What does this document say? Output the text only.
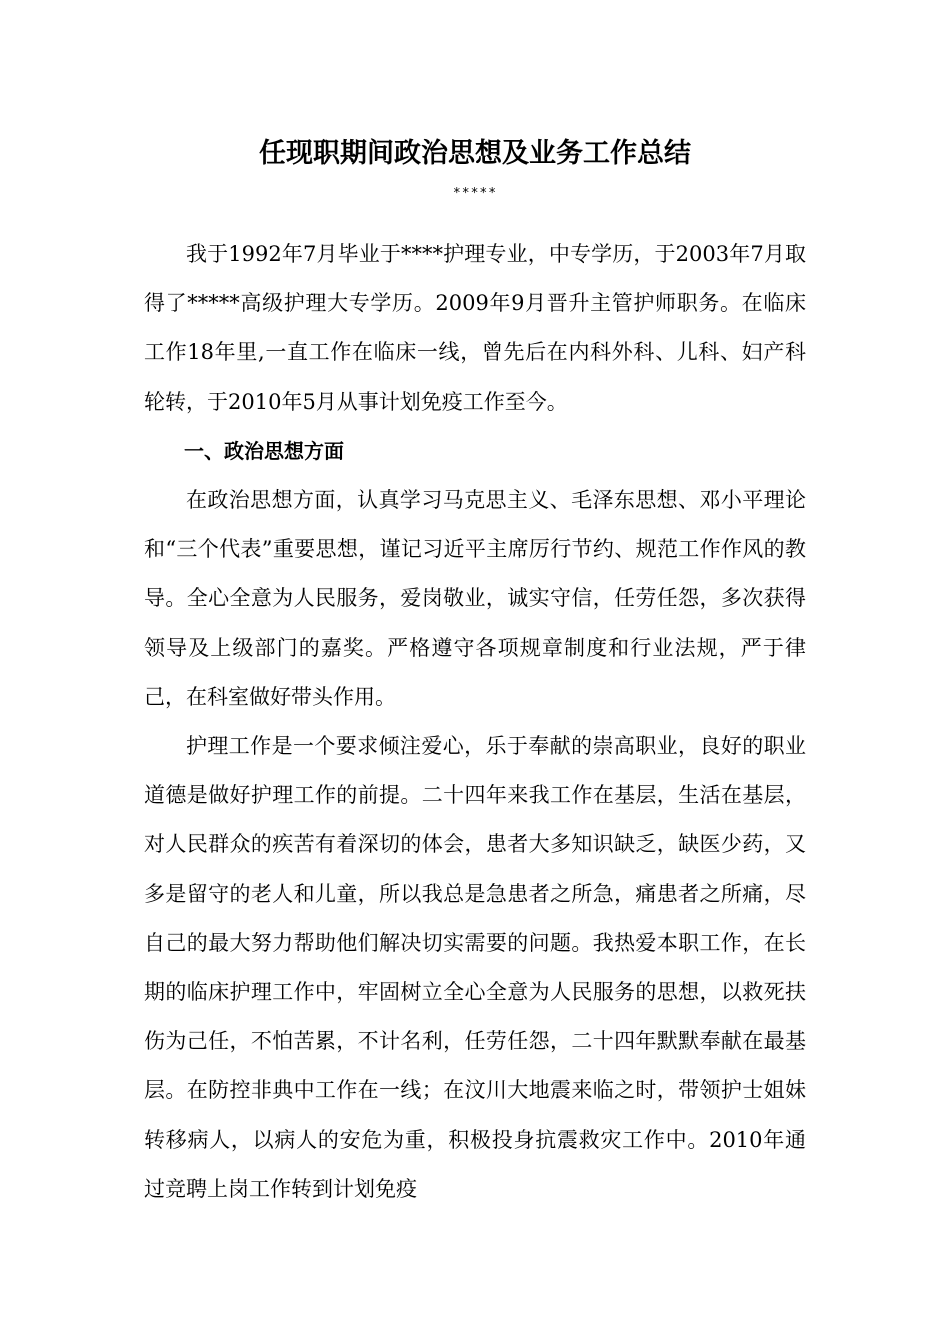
任现职期间政治思想及业务工作总结
*****

我于1992年7月毕业于****护理专业，中专学历，于2003年7月取得了*****高级护理大专学历。2009年9月晋升主管护师职务。在临床工作18年里,一直工作在临床一线，曾先后在内科外科、儿科、妇产科轮转，于2010年5月从事计划免疫工作至今。

一、政治思想方面

在政治思想方面，认真学习马克思主义、毛泽东思想、邓小平理论和“三个代表”重要思想，谨记习近平主席厉行节约、规范工作作风的教导。全心全意为人民服务，爱岗敬业，诚实守信，任劳任怨，多次获得领导及上级部门的嘉奖。严格遵守各项规章制度和行业法规，严于律己，在科室做好带头作用。

护理工作是一个要求倾注爱心，乐于奉献的崇高职业，良好的职业道德是做好护理工作的前提。二十四年来我工作在基层，生活在基层，对人民群众的疾苦有着深切的体会，患者大多知识缺乏，缺医少药，又多是留守的老人和儿童，所以我总是急患者之所急，痛患者之所痛，尽自己的最大努力帮助他们解决切实需要的问题。我热爱本职工作，在长期的临床护理工作中，牢固树立全心全意为人民服务的思想，以救死扶伤为己任，不怕苦累，不计名利，任劳任怨，二十四年默默奉献在最基层。在防控非典中工作在一线；在汶川大地震来临之时，带领护士姐妹转移病人，以病人的安危为重，积极投身抗震救灾工作中。2010年通过竞聘上岗工作转到计划免疫
